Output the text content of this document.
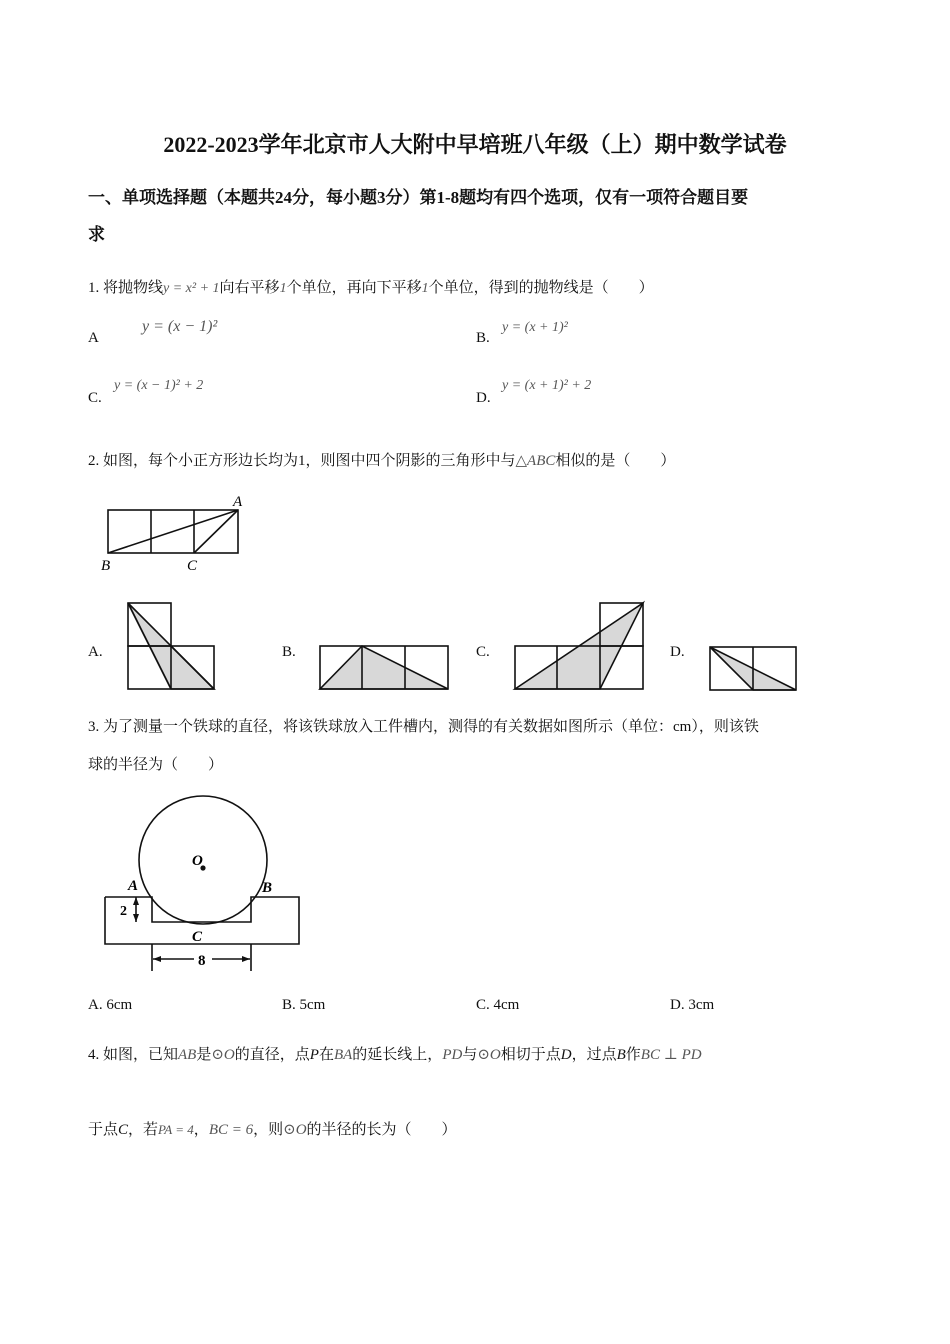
2022-2023学年北京市人大附中早培班八年级（上）期中数学试卷
一、单项选择题（本题共24分，每小题3分）第1-8题均有四个选项，仅有一项符合题目要
求
1. 将抛物线y = x² + 1向右平移1个单位，再向下平移1个单位，得到的抛物线是（　　）
A
y = (x − 1)²
B.
y = (x + 1)²
C.
y = (x − 1)² + 2
D.
y = (x + 1)² + 2
2. 如图，每个小正方形边长均为1，则图中四个阴影的三角形中与△ABC相似的是（　　）
A
B	C
A.	B.	C.	D.
3. 为了测量一个铁球的直径，将该铁球放入工件槽内，测得的有关数据如图所示（单位：cm），则该铁
球的半径为（　　）
O
A	B
C
2
8
A. 6cm	B. 5cm	C. 4cm	D. 3cm
4. 如图，已知AB是⊙O的直径，点P在BA的延长线上，PD与⊙O相切于点D，过点B作BC ⊥ PD
于点C，若PA = 4，BC = 6，则⊙O的半径的长为（　　）
